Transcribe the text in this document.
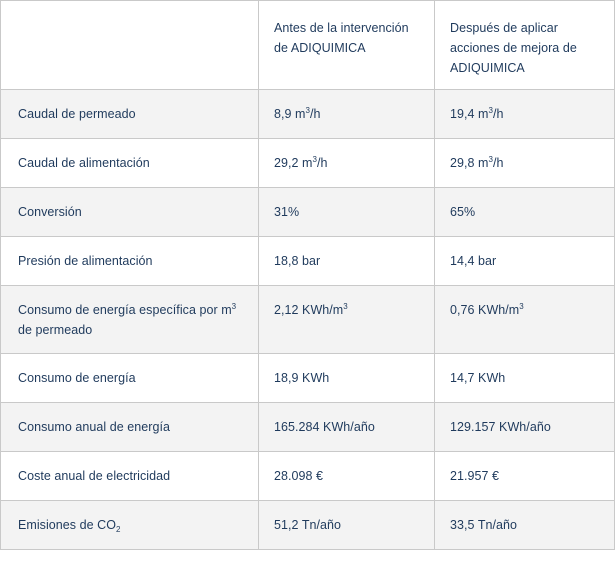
	Antes de la intervención de ADIQUIMICA	Después de aplicar acciones de mejora de ADIQUIMICA
Caudal de permeado	8,9 $m^3/h$	19,4 $m^3/h$
Caudal de alimentación	29,2 $m^3/h$	29,8 $m^3/h$
Conversión	31%	65%
Presión de alimentación	18,8 bar	14,4 bar
Consumo de energía específica por $m^3$ de permeado	2,12 KWh/$m^3$	0,76 KWh/$m^3$
Consumo de energía	18,9 KWh	14,7 KWh
Consumo anual de energía	165.284 KWh/año	129.157 KWh/año
Coste anual de electricidad	28.098 €	21.957 €
Emisiones de $CO_2$	51,2 Tn/año	33,5 Tn/año
